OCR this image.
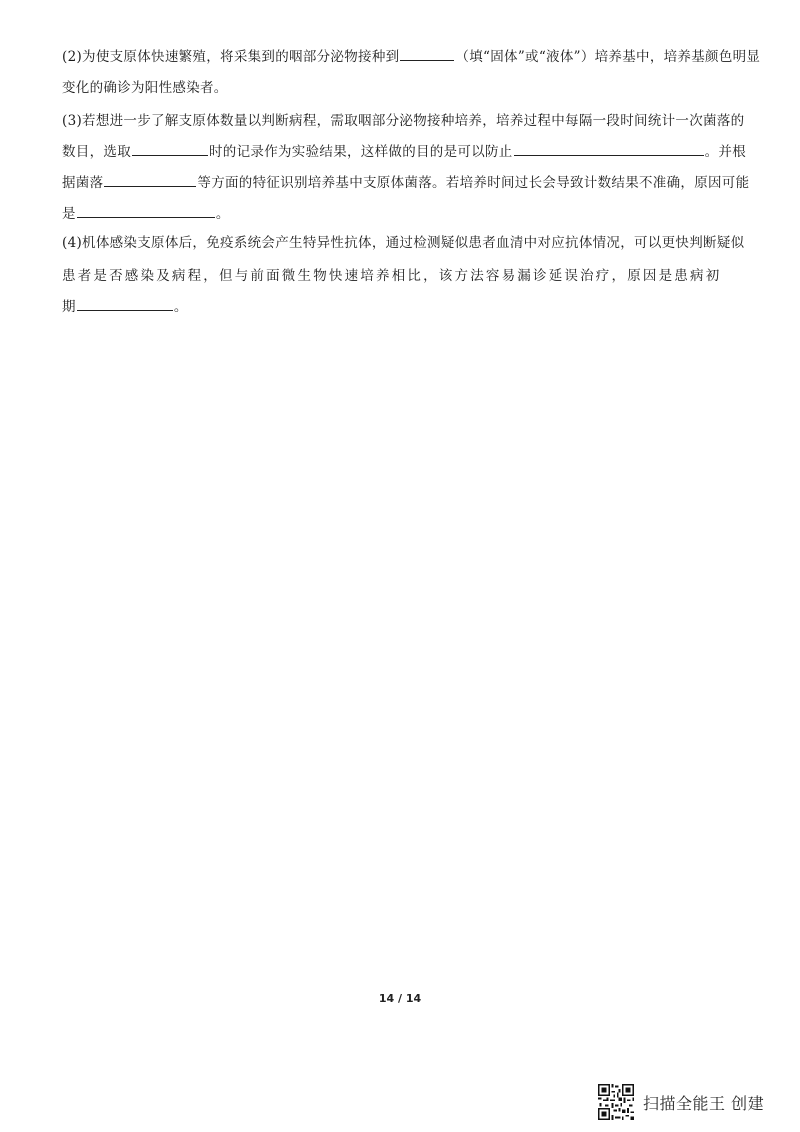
(2)为使支原体快速繁殖，将采集到的咽部分泌物接种到	（填“固体”或“液体”）培养基中，培养基颜色明显
变化的确诊为阳性感染者。
(3)若想进一步了解支原体数量以判断病程，需取咽部分泌物接种培养，培养过程中每隔一段时间统计一次菌落的
数目，选取	时的记录作为实验结果，这样做的目的是可以防止	。并根
据菌落	等方面的特征识别培养基中支原体菌落。若培养时间过长会导致计数结果不准确，原因可能
是	。
(4)机体感染支原体后，免疫系统会产生特异性抗体，通过检测疑似患者血清中对应抗体情况，可以更快判断疑似
患者是否感染及病程，但与前面微生物快速培养相比，该方法容易漏诊延误治疗，原因是患病初
期	。
14 / 14
扫描全能王 创建
